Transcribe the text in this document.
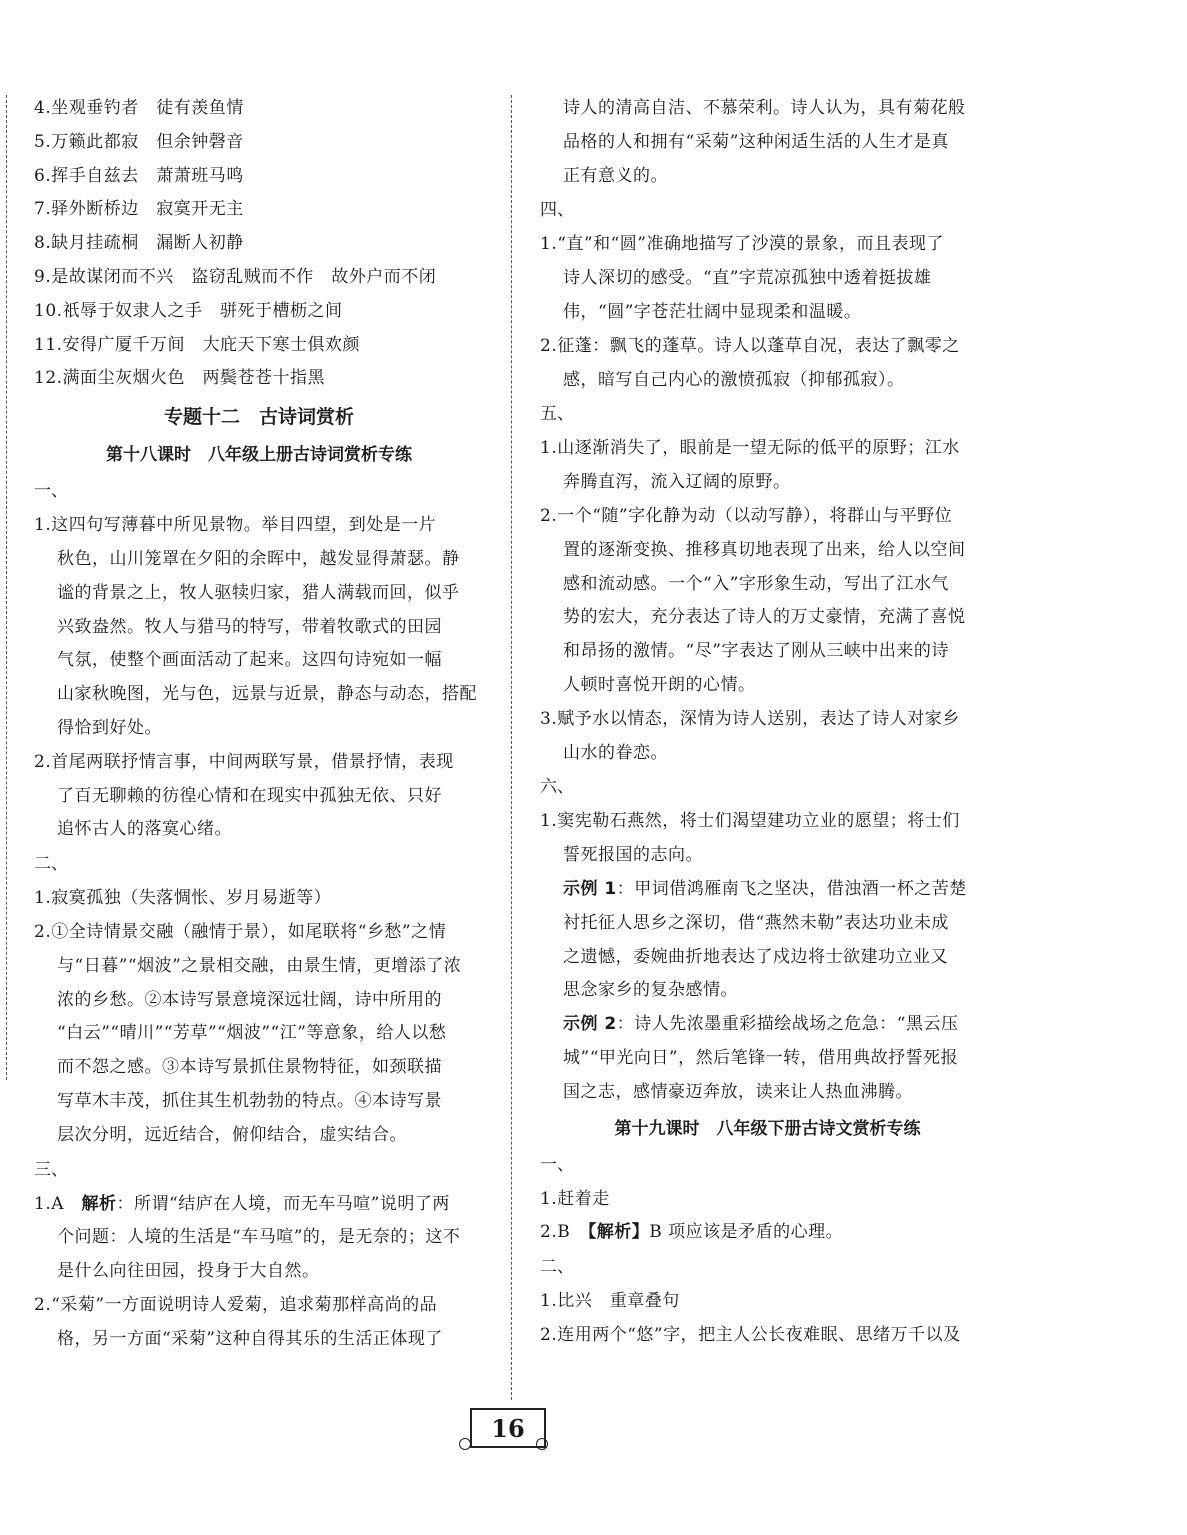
4.坐观垂钓者　徒有羡鱼情
5.万籁此都寂　但余钟磬音
6.挥手自兹去　萧萧班马鸣
7.驿外断桥边　寂寞开无主
8.缺月挂疏桐　漏断人初静
9.是故谋闭而不兴　盗窃乱贼而不作　故外户而不闭
10.祇辱于奴隶人之手　骈死于槽枥之间
11.安得广厦千万间　大庇天下寒士俱欢颜
12.满面尘灰烟火色　两鬓苍苍十指黑
专题十二　古诗词赏析
第十八课时　八年级上册古诗词赏析专练
一、
1.这四句写薄暮中所见景物。举目四望，到处是一片
秋色，山川笼罩在夕阳的余晖中，越发显得萧瑟。静
谧的背景之上，牧人驱犊归家，猎人满载而回，似乎
兴致盎然。牧人与猎马的特写，带着牧歌式的田园
气氛，使整个画面活动了起来。这四句诗宛如一幅
山家秋晚图，光与色，远景与近景，静态与动态，搭配
得恰到好处。
2.首尾两联抒情言事，中间两联写景，借景抒情，表现
了百无聊赖的彷徨心情和在现实中孤独无依、只好
追怀古人的落寞心绪。
二、
1.寂寞孤独（失落惆怅、岁月易逝等）
2.①全诗情景交融（融情于景），如尾联将“乡愁”之情
与“日暮”“烟波”之景相交融，由景生情，更增添了浓
浓的乡愁。②本诗写景意境深远壮阔，诗中所用的
“白云”“晴川”“芳草”“烟波”“江”等意象，给人以愁
而不怨之感。③本诗写景抓住景物特征，如颈联描
写草木丰茂，抓住其生机勃勃的特点。④本诗写景
层次分明，远近结合，俯仰结合，虚实结合。
三、
1.A　解析：所谓“结庐在人境，而无车马喧”说明了两
个问题：人境的生活是“车马喧”的，是无奈的；这不
是什么向往田园，投身于大自然。
2.“采菊”一方面说明诗人爱菊，追求菊那样高尚的品
格，另一方面“采菊”这种自得其乐的生活正体现了
诗人的清高自洁、不慕荣利。诗人认为，具有菊花般
品格的人和拥有“采菊”这种闲适生活的人生才是真
正有意义的。
四、
1.“直”和“圆”准确地描写了沙漠的景象，而且表现了
诗人深切的感受。“直”字荒凉孤独中透着挺拔雄
伟，“圆”字苍茫壮阔中显现柔和温暖。
2.征蓬：飘飞的蓬草。诗人以蓬草自况，表达了飘零之
感，暗写自己内心的激愤孤寂（抑郁孤寂）。
五、
1.山逐渐消失了，眼前是一望无际的低平的原野；江水
奔腾直泻，流入辽阔的原野。
2.一个“随”字化静为动（以动写静），将群山与平野位
置的逐渐变换、推移真切地表现了出来，给人以空间
感和流动感。一个“入”字形象生动，写出了江水气
势的宏大，充分表达了诗人的万丈豪情，充满了喜悦
和昂扬的激情。“尽”字表达了刚从三峡中出来的诗
人顿时喜悦开朗的心情。
3.赋予水以情态，深情为诗人送别，表达了诗人对家乡
山水的眷恋。
六、
1.窦宪勒石燕然，将士们渴望建功立业的愿望；将士们
誓死报国的志向。
示例 1：甲词借鸿雁南飞之坚决，借浊酒一杯之苦楚
衬托征人思乡之深切，借“燕然未勒”表达功业未成
之遗憾，委婉曲折地表达了戍边将士欲建功立业又
思念家乡的复杂感情。
示例 2：诗人先浓墨重彩描绘战场之危急：“黑云压
城”“甲光向日”，然后笔锋一转，借用典故抒誓死报
国之志，感情豪迈奔放，读来让人热血沸腾。
第十九课时　八年级下册古诗文赏析专练
一、
1.赶着走
2.B　【解析】B 项应该是矛盾的心理。
二、
1.比兴　重章叠句
2.连用两个“悠”字，把主人公长夜难眠、思绪万千以及
16
